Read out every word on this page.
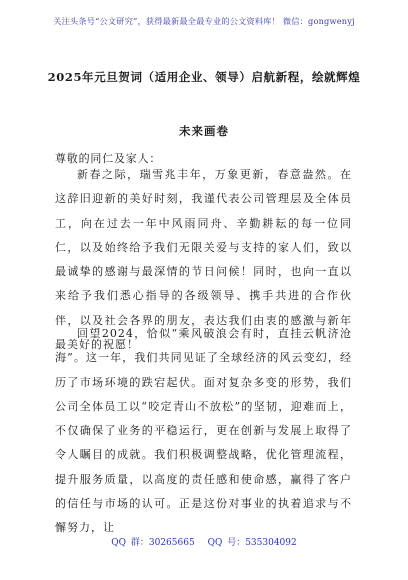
关注头条号“公文研究”，获得最新最全最专业的公文资料库！ 微信：gongwenyj
2025年元旦贺词（适用企业、领导）启航新程，绘就辉煌
未来画卷
尊敬的同仁及家人：

新春之际，瑞雪兆丰年，万象更新，春意盎然。在这辞旧迎新的美好时刻，我谨代表公司管理层及全体员工，向在过去一年中风雨同舟、辛勤耕耘的每一位同仁，以及始终给予我们无限关爱与支持的家人们，致以最诚挚的感谢与最深情的节日问候！同时，也向一直以来给予我们悉心指导的各级领导、携手共进的合作伙伴，以及社会各界的朋友，表达我们由衷的感激与新年最美好的祝愿！

回望2024，恰似“乘风破浪会有时，直挂云帆济沧海”。这一年，我们共同见证了全球经济的风云变幻，经历了市场环境的跌宕起伏。面对复杂多变的形势，我们公司全体员工以“咬定青山不放松”的坚韧，迎难而上，不仅确保了业务的平稳运行，更在创新与发展上取得了令人瞩目的成就。我们积极调整战略，优化管理流程，提升服务质量，以高度的责任感和使命感，赢得了客户的信任与市场的认可。正是这份对事业的执着追求与不懈努力，让

QQ 群：30265665 QQ 号：535304092
